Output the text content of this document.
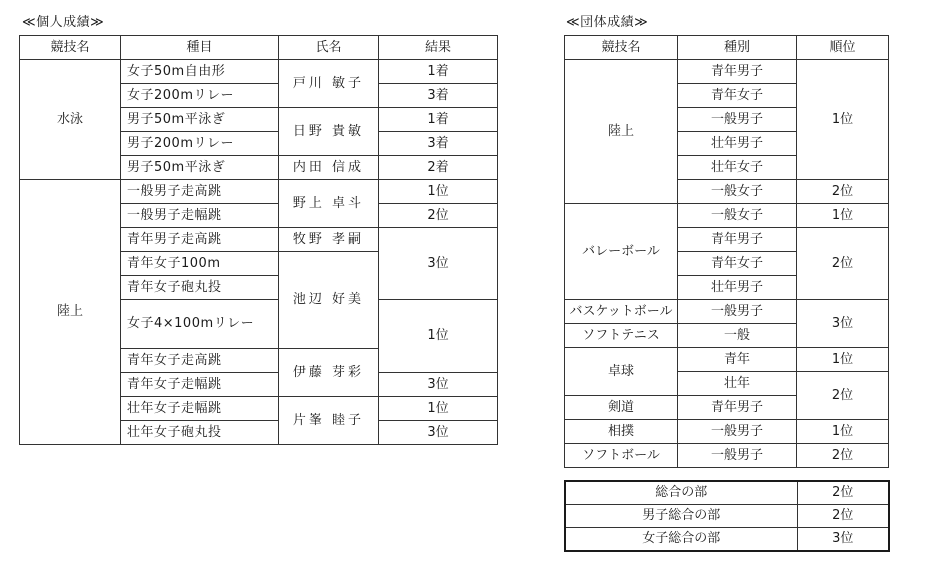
≪個人成績≫	≪団体成績≫
競技名	種目	氏名	結果
水泳	女子50m自由形	戸川 敏子	1着
	女子200mリレー		3着
	男子50m平泳ぎ	日野 貴敏	1着
	男子200mリレー		3着
	男子50m平泳ぎ	内田 信成	2着
陸上	一般男子走高跳	野上 卓斗	1位
	一般男子走幅跳		2位
	青年男子走高跳	牧野 孝嗣	3位
	青年女子100m	池辺 好美	
	青年女子砲丸投		
	女子4×100mリレー		1位
	青年女子走高跳	伊藤 芽彩	
	青年女子走幅跳		3位
	壮年女子走幅跳	片峯 睦子	1位
	壮年女子砲丸投		3位
競技名	種別	順位
陸上	青年男子	1位
	青年女子	
	一般男子	
	壮年男子	
	壮年女子	
	一般女子	2位
バレーボール	一般女子	1位
	青年男子	2位
	青年女子	
	壮年男子	
バスケットボール	一般男子	3位
ソフトテニス	一般	
卓球	青年	1位
	壮年	2位
剣道	青年男子	
相撲	一般男子	1位
ソフトボール	一般男子	2位
総合の部	2位
男子総合の部	2位
女子総合の部	3位
